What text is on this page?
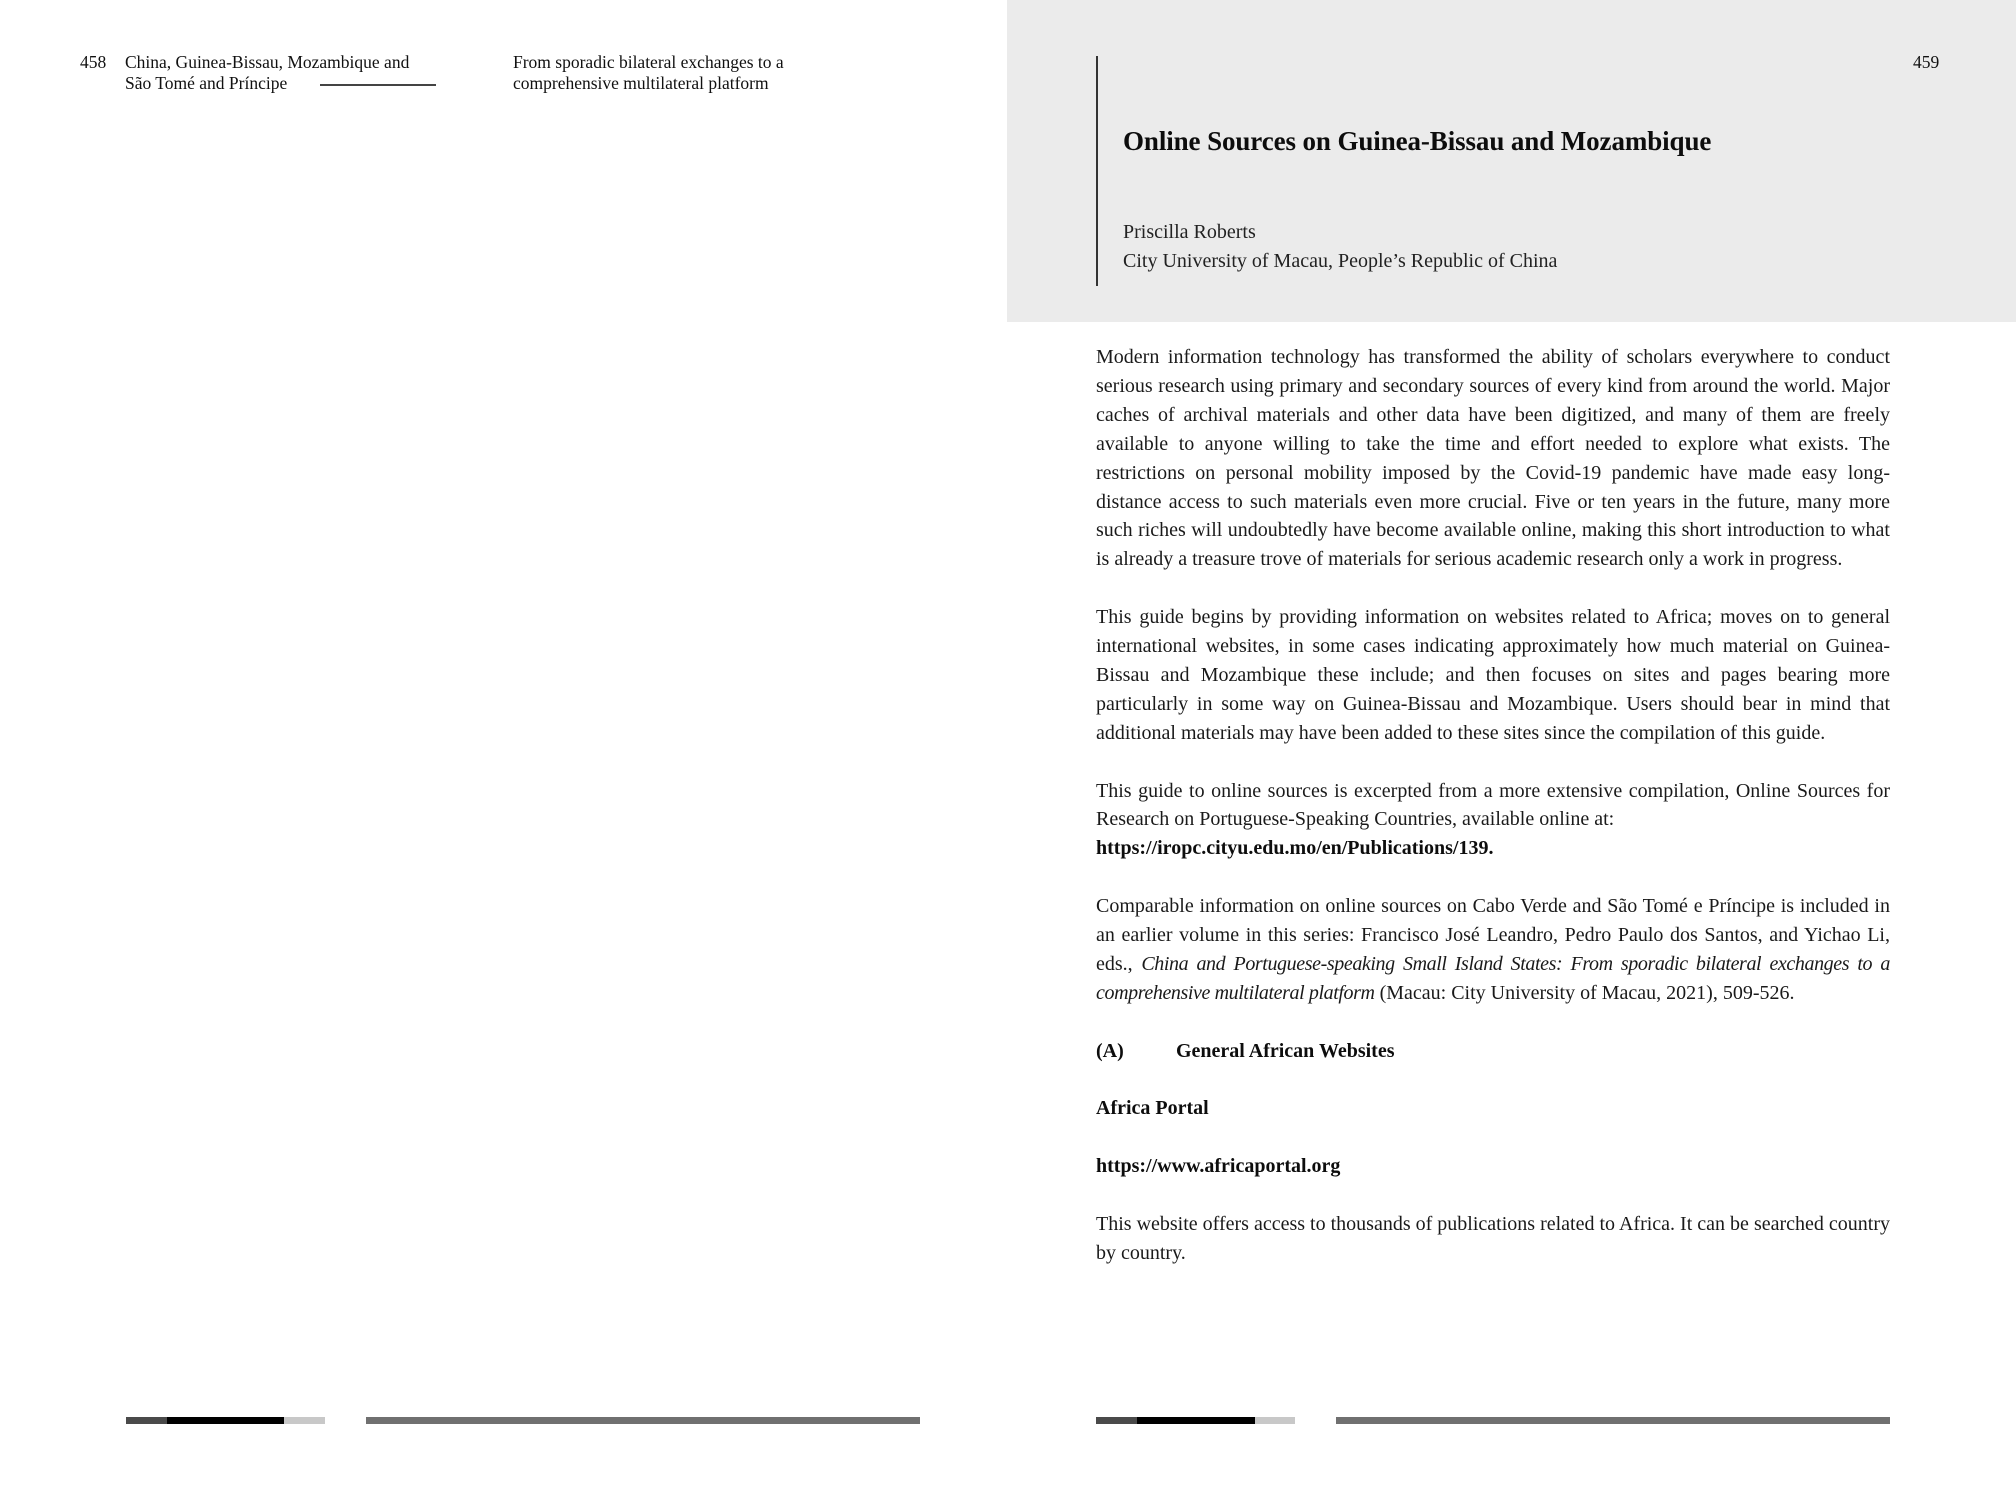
458 China, Guinea-Bissau, Mozambique and
São Tomé and Príncipe
From sporadic bilateral exchanges to a
comprehensive multilateral platform
459
Online Sources on Guinea-Bissau and Mozambique
Priscilla Roberts
City University of Macau, People’s Republic of China

Modern information technology has transformed the ability of scholars everywhere to conduct serious research using primary and secondary sources of every kind from around the world. Major caches of archival materials and other data have been digitized, and many of them are freely available to anyone willing to take the time and effort needed to explore what exists. The restrictions on personal mobility imposed by the Covid-19 pandemic have made easy long-distance access to such materials even more crucial. Five or ten years in the future, many more such riches will undoubtedly have become available online, making this short introduction to what is already a treasure trove of materials for serious academic research only a work in progress.

This guide begins by providing information on websites related to Africa; moves on to general international websites, in some cases indicating approximately how much material on Guinea-Bissau and Mozambique these include; and then focuses on sites and pages bearing more particularly in some way on Guinea-Bissau and Mozambique. Users should bear in mind that additional materials may have been added to these sites since the compilation of this guide.

This guide to online sources is excerpted from a more extensive compilation, Online Sources for Research on Portuguese-Speaking Countries, available online at:
https://iropc.cityu.edu.mo/en/Publications/139.

Comparable information on online sources on Cabo Verde and São Tomé e Príncipe is included in an earlier volume in this series: Francisco José Leandro, Pedro Paulo dos Santos, and Yichao Li, eds., China and Portuguese-speaking Small Island States: From sporadic bilateral exchanges to a comprehensive multilateral platform (Macau: City University of Macau, 2021), 509-526.

(A)	General African Websites
Africa Portal
https://www.africaportal.org

This website offers access to thousands of publications related to Africa. It can be searched country by country.
